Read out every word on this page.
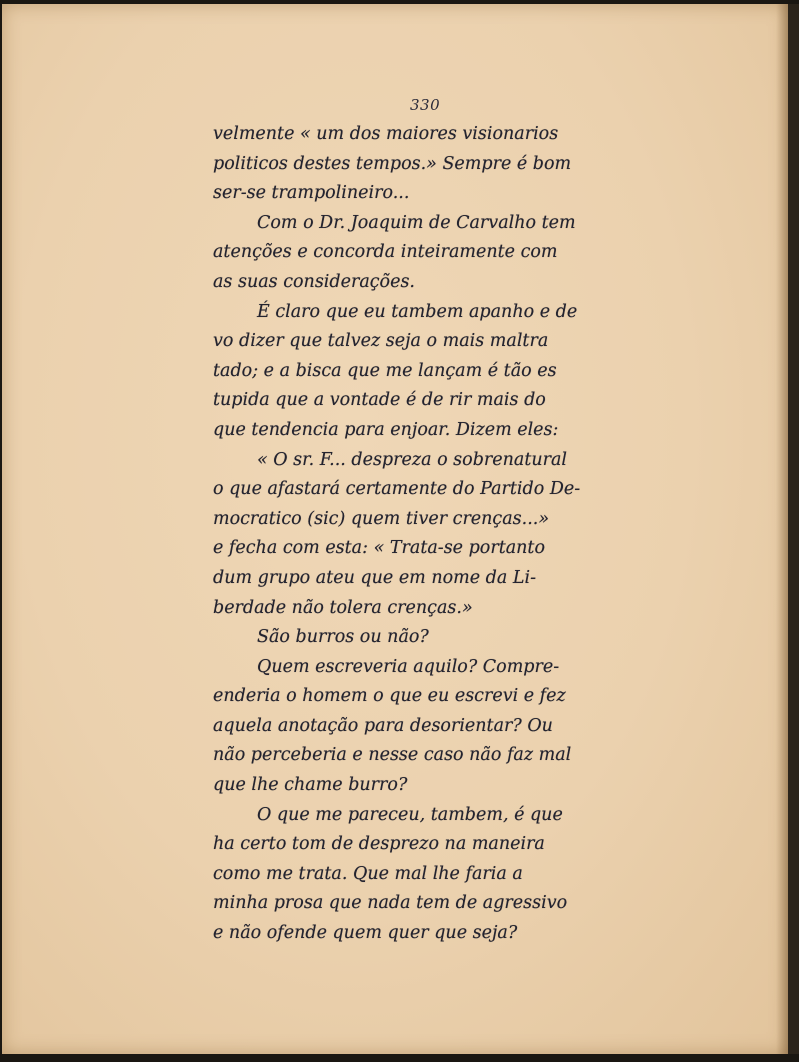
330
velmente « um dos maiores visionarios
politicos destes tempos.» Sempre é bom
ser-se trampolineiro...
Com o Dr. Joaquim de Carvalho tem
atenções e concorda inteiramente com
as suas considerações.
É claro que eu tambem apanho e de
vo dizer que talvez seja o mais maltra
tado; e a bisca que me lançam é tão es
tupida que a vontade é de rir mais do
que tendencia para enjoar. Dizem eles:
« O sr. F... despreza o sobrenatural
o que afastará certamente do Partido De-
mocratico (sic) quem tiver crenças...»
e fecha com esta: « Trata-se portanto
dum grupo ateu que em nome da Li-
berdade não tolera crenças.»
São burros ou não?
Quem escreveria aquilo? Compre-
enderia o homem o que eu escrevi e fez
aquela anotação para desorientar? Ou
não perceberia e nesse caso não faz mal
que lhe chame burro?
O que me pareceu, tambem, é que
ha certo tom de desprezo na maneira
como me trata. Que mal lhe faria a
minha prosa que nada tem de agressivo
e não ofende quem quer que seja?
